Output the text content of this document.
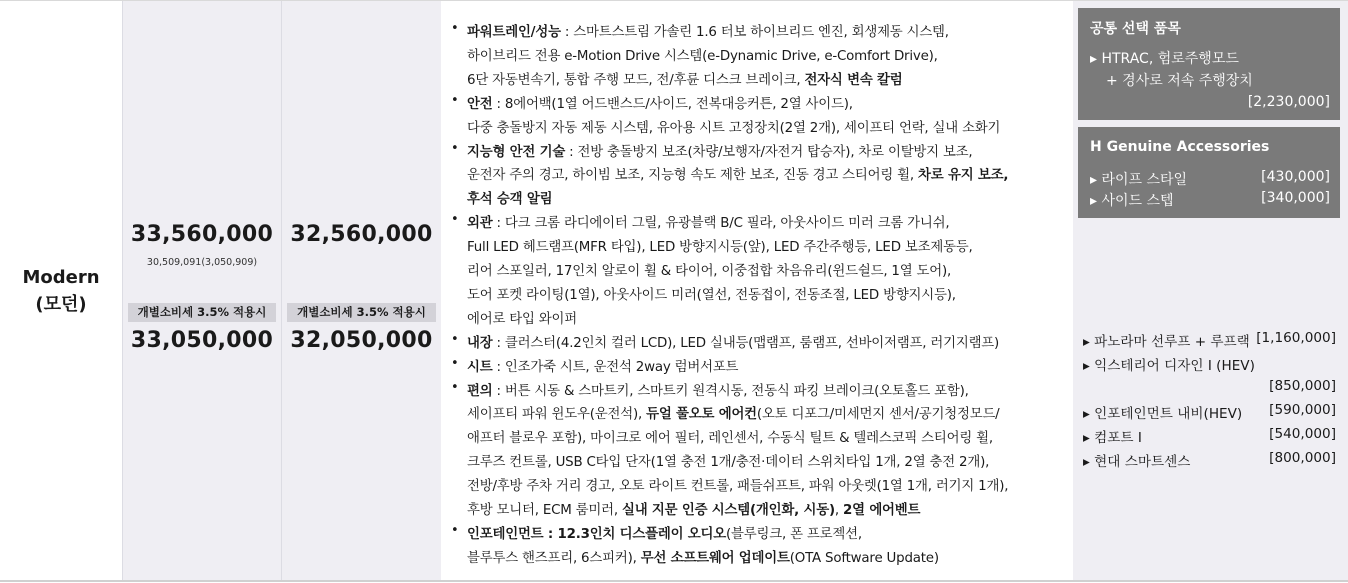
Modern
(모던)
33,560,000
30,509,091(3,050,909)
개별소비세 3.5% 적용시
33,050,000
32,560,000
개별소비세 3.5% 적용시
32,050,000
• 파워트레인/성능 : 스마트스트림 가솔린 1.6 터보 하이브리드 엔진, 회생제동 시스템,
하이브리드 전용 e-Motion Drive 시스템(e-Dynamic Drive, e-Comfort Drive),
6단 자동변속기, 통합 주행 모드, 전/후륜 디스크 브레이크, 전자식 변속 칼럼
• 안전 : 8에어백(1열 어드밴스드/사이드, 전복대응커튼, 2열 사이드),
다중 충돌방지 자동 제동 시스템, 유아용 시트 고정장치(2열 2개), 세이프티 언락, 실내 소화기
• 지능형 안전 기술 : 전방 충돌방지 보조(차량/보행자/자전거 탑승자), 차로 이탈방지 보조,
운전자 주의 경고, 하이빔 보조, 지능형 속도 제한 보조, 진동 경고 스티어링 휠, 차로 유지 보조,
후석 승객 알림
• 외관 : 다크 크롬 라디에이터 그릴, 유광블랙 B/C 필라, 아웃사이드 미러 크롬 가니쉬,
Full LED 헤드램프(MFR 타입), LED 방향지시등(앞), LED 주간주행등, LED 보조제동등,
리어 스포일러, 17인치 알로이 휠 & 타이어, 이중접합 차음유리(윈드쉴드, 1열 도어),
도어 포켓 라이팅(1열), 아웃사이드 미러(열선, 전동접이, 전동조절, LED 방향지시등),
에어로 타입 와이퍼
• 내장 : 클러스터(4.2인치 컬러 LCD), LED 실내등(맵램프, 룸램프, 선바이저램프, 러기지램프)
• 시트 : 인조가죽 시트, 운전석 2way 럼버서포트
• 편의 : 버튼 시동 & 스마트키, 스마트키 원격시동, 전동식 파킹 브레이크(오토홀드 포함),
세이프티 파워 윈도우(운전석), 듀얼 풀오토 에어컨(오토 디포그/미세먼지 센서/공기청정모드/
애프터 블로우 포함), 마이크로 에어 필터, 레인센서, 수동식 틸트 & 텔레스코픽 스티어링 휠,
크루즈 컨트롤, USB C타입 단자(1열 충전 1개/충전·데이터 스위치타입 1개, 2열 충전 2개),
전방/후방 주차 거리 경고, 오토 라이트 컨트롤, 패들쉬프트, 파워 아웃렛(1열 1개, 러기지 1개),
후방 모니터, ECM 룸미러, 실내 지문 인증 시스템(개인화, 시동), 2열 에어벤트
• 인포테인먼트 : 12.3인치 디스플레이 오디오(블루링크, 폰 프로젝션,
블루투스 핸즈프리, 6스피커), 무선 소프트웨어 업데이트(OTA Software Update)
공통 선택 품목
▸ HTRAC, 험로주행모드
+ 경사로 저속 주행장치
[2,230,000]
H Genuine Accessories
▸ 라이프 스타일	[430,000]
▸ 사이드 스텝	[340,000]
▸ 파노라마 선루프 + 루프랙 [1,160,000]
▸ 익스테리어 디자인 Ⅰ (HEV)
[850,000]
▸ 인포테인먼트 내비(HEV) [590,000]
▸ 컴포트 Ⅰ	[540,000]
▸ 현대 스마트센스	[800,000]
